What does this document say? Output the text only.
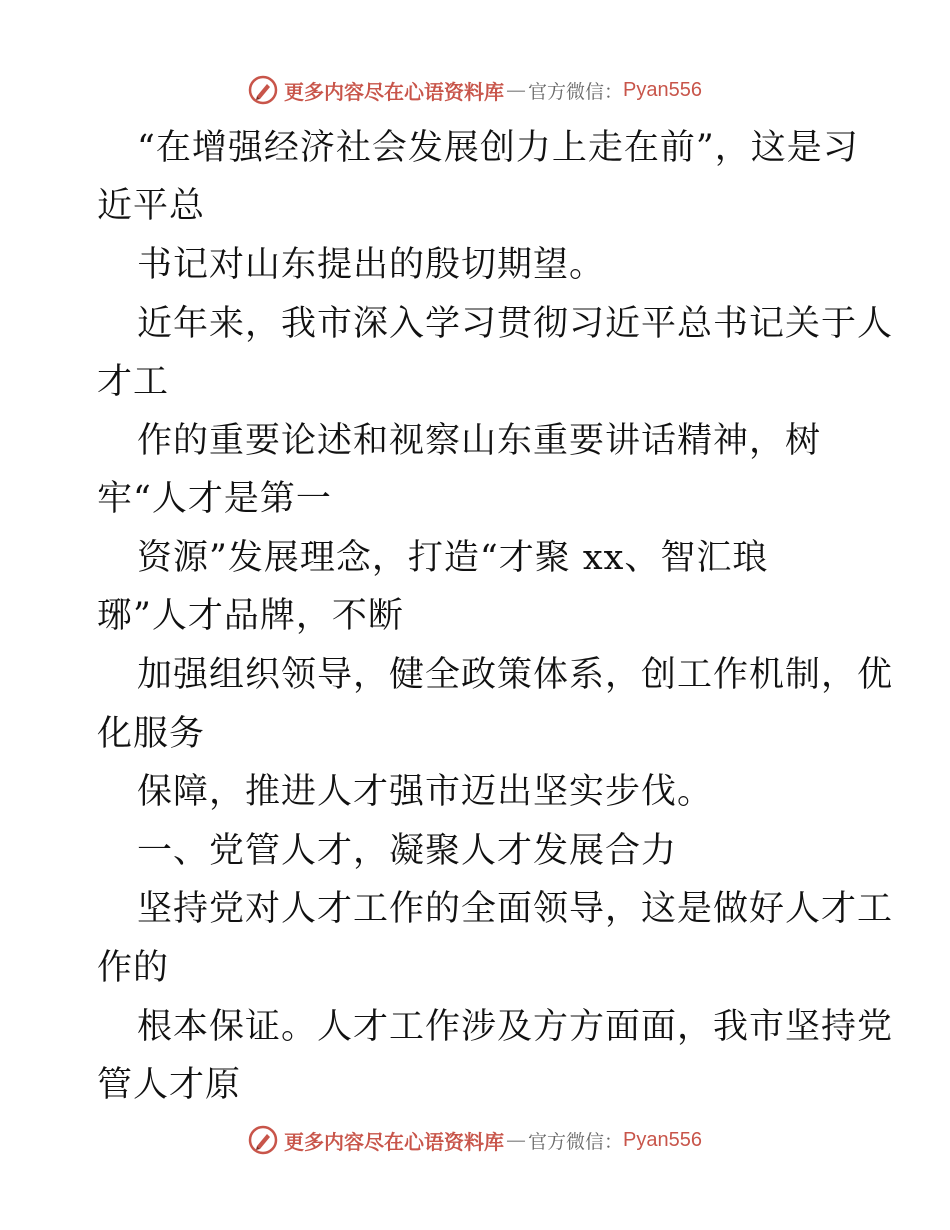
更多内容尽在心语资料库 — 官方微信： Pyan556
“在增强经济社会发展创力上走在前”，这是习
近平总
书记对山东提出的殷切期望。
近年来，我市深入学习贯彻习近平总书记关于人
才工
作的重要论述和视察山东重要讲话精神，树
牢“人才是第一
资源”发展理念，打造“才聚 xx、智汇琅
琊”人才品牌，不断
加强组织领导，健全政策体系，创工作机制，优
化服务
保障，推进人才强市迈出坚实步伐。
一、党管人才，凝聚人才发展合力
坚持党对人才工作的全面领导，这是做好人才工
作的
根本保证。人才工作涉及方方面面，我市坚持党
管人才原
更多内容尽在心语资料库 — 官方微信： Pyan556
